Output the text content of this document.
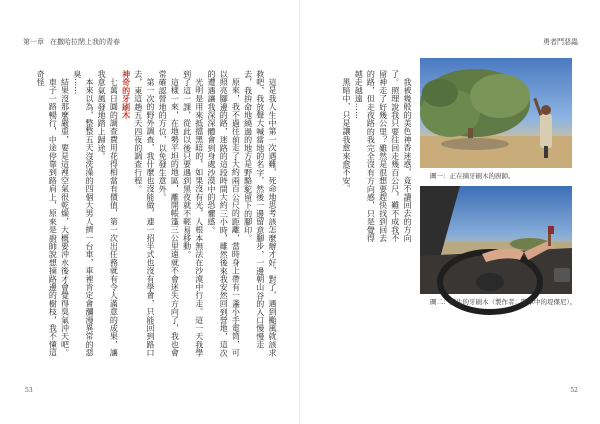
第一章 在撒哈拉閉上我的青春

這是我人生中第一次遇難，死命地思考該怎麼辦才好，對了，遇到颱風就該求救吧，我放聲大喊當地的名字，然後一邊留意腳步，一邊朝山谷的入口慢慢走去，我拚命地繞過的地方是野駱駝留下的腳印。

原來，我不過往前走了大約兩百公尺的距離，當時身上帶有一盞小手電筒，可以照亮腳邊的路，迷路的這段時間大約三小時，雖然後來我安然回到營地，這次的遭遇讓我深深體會到身處沙漠中的恐懼感。

光明是用來抵擋黑暗的，如果沒有光，人根本無法在沙漠中行走。這一天我學到了這一課，從此以後只要遇到黑夜就不輕易移動。

這樣一來，在地勢平坦的地區，離開帳篷三公里遠就不會迷失方向了，我也會常確認營地的方位，以免發生意外。

第一次的野外調查，我什麼也沒能做，連一招半式也沒有學會，只能回到路口去，東這趟五天四夜的調查行程。

神奇的牙刷木

七萬日圓的調查費用花得相當有價值，第一次出任務就有令人滿意的成果，讓我意氣風發地踏上歸途。

本來以為，整整五天沒洗澡的四個大男人擠一台車，車裡肯定會瀰漫異常的惡臭……

結果沒那麼嚴重，要是這裡空氣很乾燥，大概要沖水後才會覺得臭氣沖天吧。

車子一路暢行，中途停靠到路肩上，原來是廚師說想摘路邊的樹枝，我不懂這奇怪

53
勇者鬥惡蟲
52

我被幾般的美色神香迷惑，竟不讀回去的方向了。照理說我只要往回走幾百公尺，難不成我不留神走了好幾公里？雖然是很想要趕快找到回去的路，但走夜路的我完全沒有方向感，只是覺得越走越遠……

黑暗中，只是讓我愈來愈不安。	圖一：正在摘牙刷木的廚師。
圖二：野生的牙刷木（製作者：開車中的堤傑尼）。
